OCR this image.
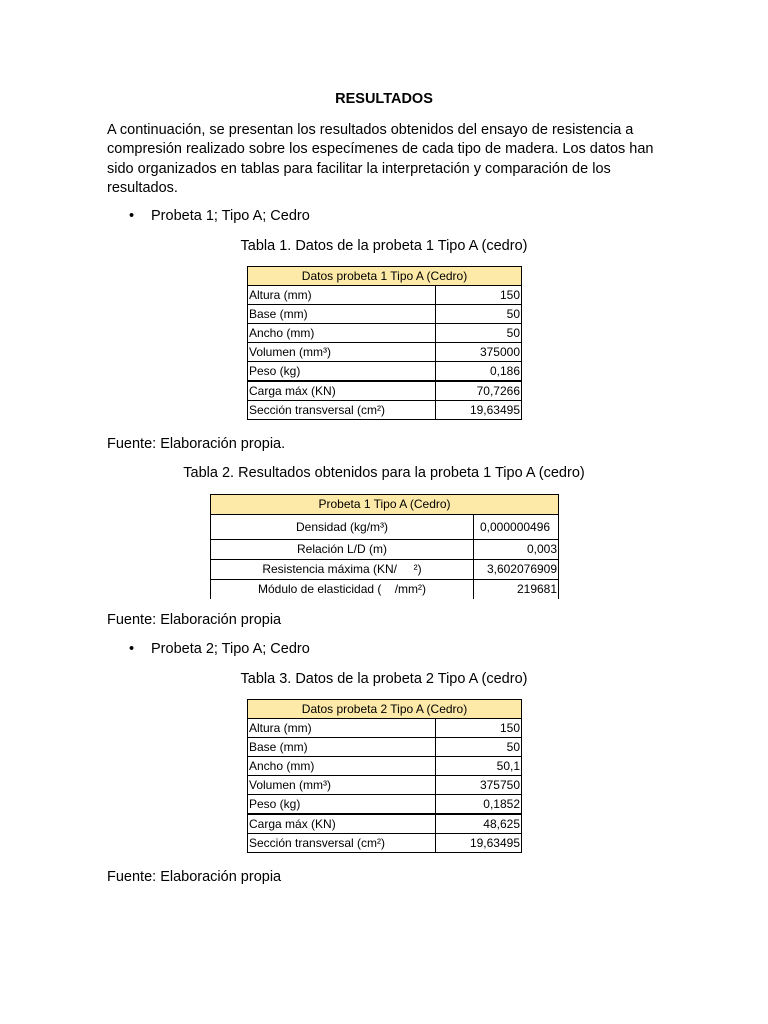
RESULTADOS
A continuación, se presentan los resultados obtenidos del ensayo de resistencia a compresión realizado sobre los especímenes de cada tipo de madera. Los datos han sido organizados en tablas para facilitar la interpretación y comparación de los resultados.
• Probeta 1; Tipo A; Cedro
Tabla 1. Datos de la probeta 1 Tipo A (cedro)
Datos probeta 1 Tipo A (Cedro)	
Altura (mm)	150
Base (mm)	50
Ancho (mm)	50
Volumen (mm³)	375000
Peso (kg)	0,186
Carga máx (KN)	70,7266
Sección transversal (cm²)	19,63495
Fuente: Elaboración propia.
Tabla 2. Resultados obtenidos para la probeta 1 Tipo A (cedro)
Probeta 1 Tipo A (Cedro)	
Densidad (kg/m³)	0,000000496
Relación L/D (m)	0,003
Resistencia máxima (KN/     ²)	3,602076909
Módulo de elasticidad (    /mm²)	219681
Fuente: Elaboración propia
• Probeta 2; Tipo A; Cedro
Tabla 3. Datos de la probeta 2 Tipo A (cedro)
Datos probeta 2 Tipo A (Cedro)	
Altura (mm)	150
Base (mm)	50
Ancho (mm)	50,1
Volumen (mm³)	375750
Peso (kg)	0,1852
Carga máx (KN)	48,625
Sección transversal (cm²)	19,63495
Fuente: Elaboración propia
